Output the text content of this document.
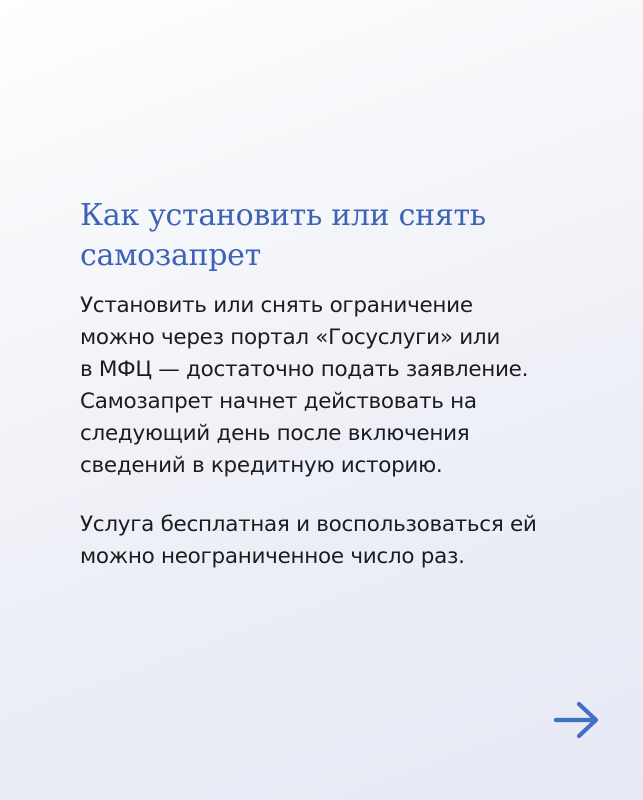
Как установить или снять
самозапрет

Установить или снять ограничение
можно через портал «Госуслуги» или
в МФЦ — достаточно подать заявление.
Самозапрет начнет действовать на
следующий день после включения
сведений в кредитную историю.

Услуга бесплатная и воспользоваться ей
можно неограниченное число раз.
